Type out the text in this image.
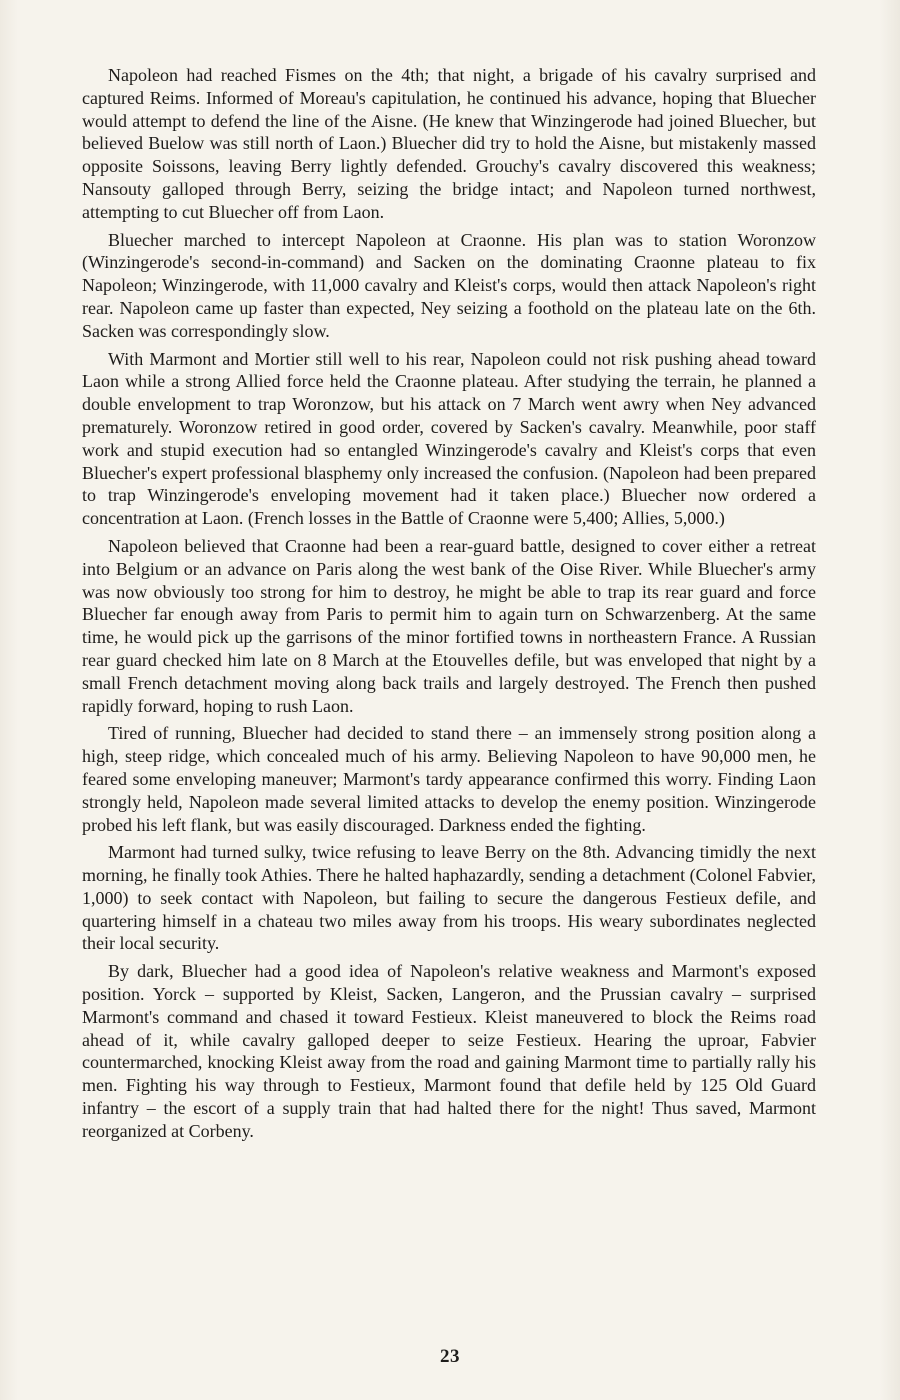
Napoleon had reached Fismes on the 4th; that night, a brigade of his cavalry surprised and captured Reims. Informed of Moreau's capitulation, he continued his advance, hoping that Bluecher would attempt to defend the line of the Aisne. (He knew that Winzingerode had joined Bluecher, but believed Buelow was still north of Laon.) Bluecher did try to hold the Aisne, but mistakenly massed opposite Soissons, leaving Berry lightly defended. Grouchy's cavalry discovered this weakness; Nansouty galloped through Berry, seizing the bridge intact; and Napoleon turned northwest, attempting to cut Bluecher off from Laon.

Bluecher marched to intercept Napoleon at Craonne. His plan was to station Woronzow (Winzingerode's second-in-command) and Sacken on the dominating Craonne plateau to fix Napoleon; Winzingerode, with 11,000 cavalry and Kleist's corps, would then attack Napoleon's right rear. Napoleon came up faster than expected, Ney seizing a foothold on the plateau late on the 6th. Sacken was correspondingly slow.

With Marmont and Mortier still well to his rear, Napoleon could not risk pushing ahead toward Laon while a strong Allied force held the Craonne plateau. After studying the terrain, he planned a double envelopment to trap Woronzow, but his attack on 7 March went awry when Ney advanced prematurely. Woronzow retired in good order, covered by Sacken's cavalry. Meanwhile, poor staff work and stupid execution had so entangled Winzingerode's cavalry and Kleist's corps that even Bluecher's expert professional blasphemy only increased the confusion. (Napoleon had been prepared to trap Winzingerode's enveloping movement had it taken place.) Bluecher now ordered a concentration at Laon. (French losses in the Battle of Craonne were 5,400; Allies, 5,000.)

Napoleon believed that Craonne had been a rear-guard battle, designed to cover either a retreat into Belgium or an advance on Paris along the west bank of the Oise River. While Bluecher's army was now obviously too strong for him to destroy, he might be able to trap its rear guard and force Bluecher far enough away from Paris to permit him to again turn on Schwarzenberg. At the same time, he would pick up the garrisons of the minor fortified towns in northeastern France. A Russian rear guard checked him late on 8 March at the Etouvelles defile, but was enveloped that night by a small French detachment moving along back trails and largely destroyed. The French then pushed rapidly forward, hoping to rush Laon.

Tired of running, Bluecher had decided to stand there – an immensely strong position along a high, steep ridge, which concealed much of his army. Believing Napoleon to have 90,000 men, he feared some enveloping maneuver; Marmont's tardy appearance confirmed this worry. Finding Laon strongly held, Napoleon made several limited attacks to develop the enemy position. Winzingerode probed his left flank, but was easily discouraged. Darkness ended the fighting.

Marmont had turned sulky, twice refusing to leave Berry on the 8th. Advancing timidly the next morning, he finally took Athies. There he halted haphazardly, sending a detachment (Colonel Fabvier, 1,000) to seek contact with Napoleon, but failing to secure the dangerous Festieux defile, and quartering himself in a chateau two miles away from his troops. His weary subordinates neglected their local security.

By dark, Bluecher had a good idea of Napoleon's relative weakness and Marmont's exposed position. Yorck – supported by Kleist, Sacken, Langeron, and the Prussian cavalry – surprised Marmont's command and chased it toward Festieux. Kleist maneuvered to block the Reims road ahead of it, while cavalry galloped deeper to seize Festieux. Hearing the uproar, Fabvier countermarched, knocking Kleist away from the road and gaining Marmont time to partially rally his men. Fighting his way through to Festieux, Marmont found that defile held by 125 Old Guard infantry – the escort of a supply train that had halted there for the night! Thus saved, Marmont reorganized at Corbeny.

23
